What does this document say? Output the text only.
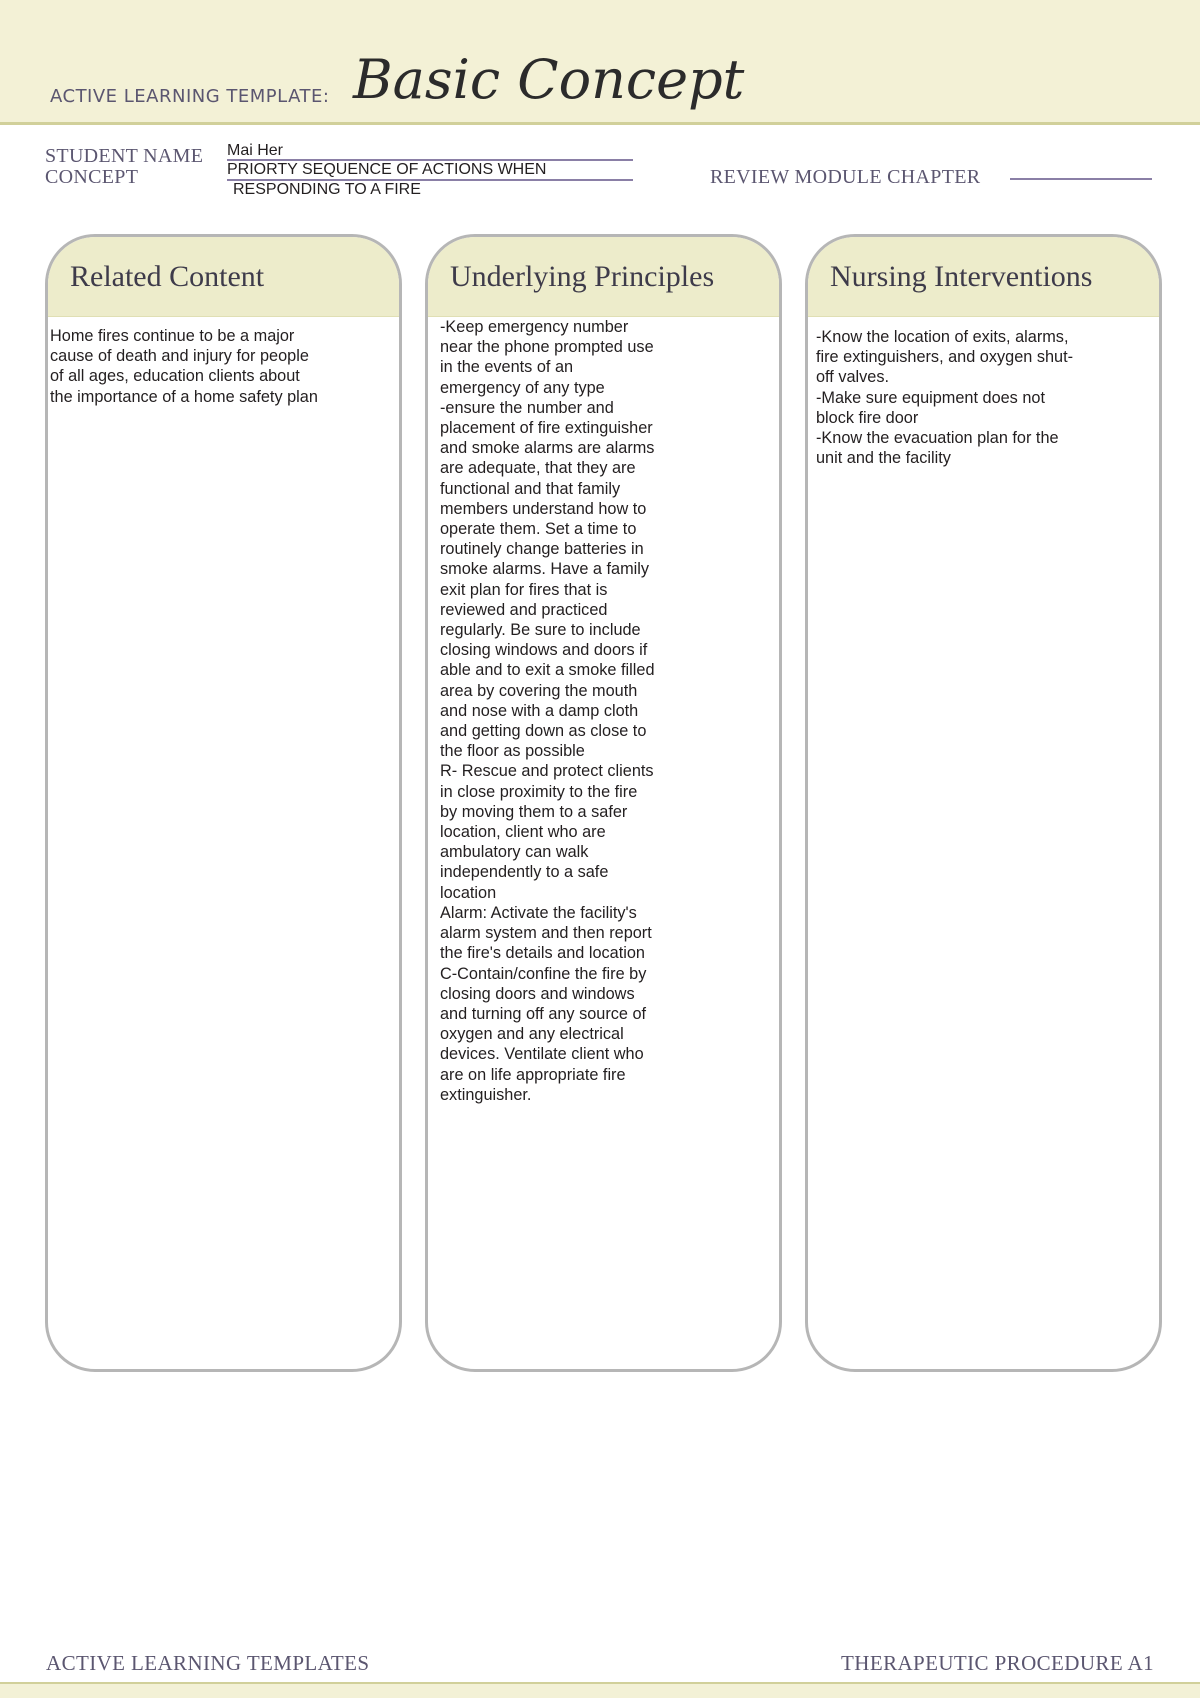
ACTIVE LEARNING TEMPLATE: Basic Concept
STUDENT NAME Mai Her
CONCEPT	PRIORTY SEQUENCE OF ACTIONS WHEN
RESPONDING TO A FIRE
REVIEW MODULE CHAPTER
Related Content
Home fires continue to be a major
cause of death and injury for people
of all ages, education clients about
the importance of a home safety plan
Underlying Principles
-Keep emergency number
near the phone prompted use
in the events of an
emergency of any type
-ensure the number and
placement of fire extinguisher
and smoke alarms are alarms
are adequate, that they are
functional and that family
members understand how to
operate them. Set a time to
routinely change batteries in
smoke alarms. Have a family
exit plan for fires that is
reviewed and practiced
regularly. Be sure to include
closing windows and doors if
able and to exit a smoke filled
area by covering the mouth
and nose with a damp cloth
and getting down as close to
the floor as possible
R- Rescue and protect clients
in close proximity to the fire
by moving them to a safer
location, client who are
ambulatory can walk
independently to a safe
location
Alarm: Activate the facility's
alarm system and then report
the fire's details and location
C-Contain/confine the fire by
closing doors and windows
and turning off any source of
oxygen and any electrical
devices. Ventilate client who
are on life appropriate fire
extinguisher.
Nursing Interventions
-Know the location of exits, alarms,
fire extinguishers, and oxygen shut-
off valves.
-Make sure equipment does not
block fire door
-Know the evacuation plan for the
unit and the facility
ACTIVE LEARNING TEMPLATES	THERAPEUTIC PROCEDURE A1
